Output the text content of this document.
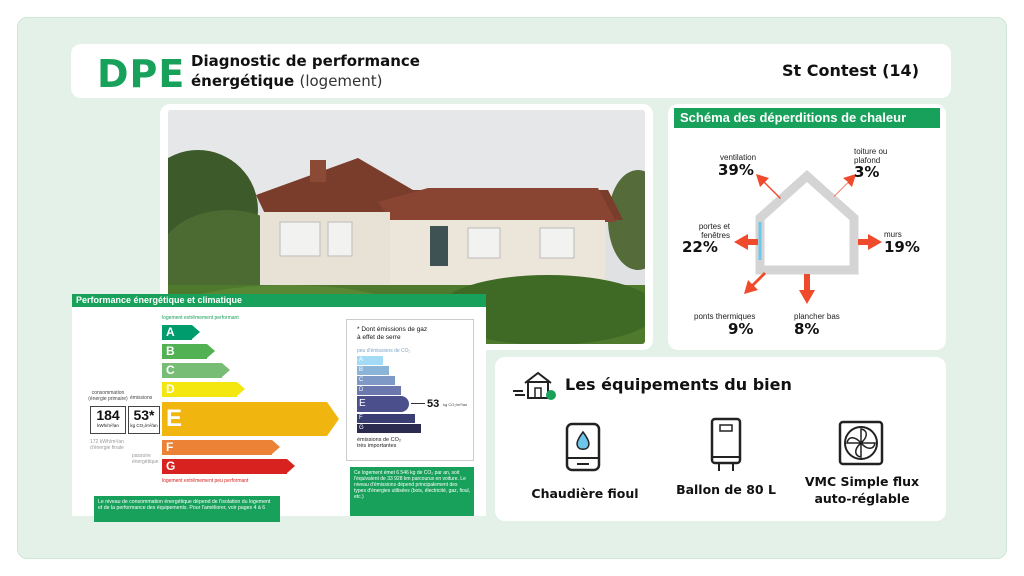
DPE Diagnostic de performance
énergétique (logement)
St Contest (14)
Schéma des déperditions de chaleur
ventilation
39%
toiture ou plafond
3%
portes et fenêtres
22%
murs
19%
ponts thermiques
9%
plancher bas
8%
Performance énergétique et climatique
logement extrêmement performant
A
B
C
D
E
F
G
logement extrêmement peu performant
consommation (énergie primaire) émissions
184
kWh/m²/an
53*
kg CO₂/m²/an
172 kWh/m²/an d'énergie finale
passoire énergétique
Le niveau de consommation énergétique dépend de l'isolation du logement et de la performance des équipements. Pour l'améliorer, voir pages 4 à 6
* Dont émissions de gaz
à effet de serre
peu d'émissions de CO₂
A
B
C
D
E
F
G
53 kg CO₂/m²/an
émissions de CO₂
très importantes
Ce logement émet 6 546 kg de CO₂ par an, soit l'équivalent de 33 928 km parcourus en voiture. Le niveau d'émissions dépend principalement des types d'énergies utilisées (bois, électricité, gaz, fioul, etc.)
Les équipements du bien
Chaudière fioul	Ballon de 80 L
VMC Simple flux auto-réglable
